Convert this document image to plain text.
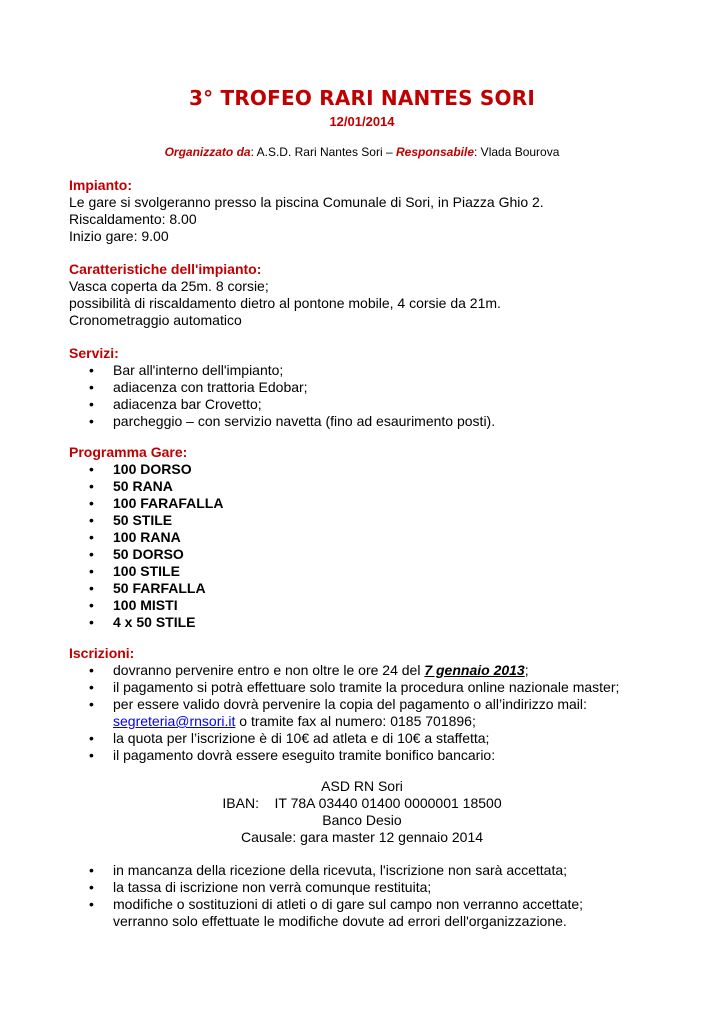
3° TROFEO RARI NANTES SORI
12/01/2014
Organizzato da: A.S.D. Rari Nantes Sori – Responsabile: Vlada Bourova
Impianto:
Le gare si svolgeranno presso la piscina Comunale di Sori, in Piazza Ghio 2.
Riscaldamento: 8.00
Inizio gare: 9.00
Caratteristiche dell'impianto:
Vasca coperta da 25m. 8 corsie;
possibilità di riscaldamento dietro al pontone mobile, 4 corsie da 21m.
Cronometraggio automatico
Servizi:
• Bar all'interno dell'impianto;
• adiacenza con trattoria Edobar;
• adiacenza bar Crovetto;
• parcheggio – con servizio navetta (fino ad esaurimento posti).
Programma Gare:
• 100 DORSO
• 50 RANA
• 100 FARAFALLA
• 50 STILE
• 100 RANA
• 50 DORSO
• 100 STILE
• 50 FARFALLA
• 100 MISTI
• 4 x 50 STILE
Iscrizioni:
• dovranno pervenire entro e non oltre le ore 24 del 7 gennaio 2013;
• il pagamento si potrà effettuare solo tramite la procedura online nazionale master;
• per essere valido dovrà pervenire la copia del pagamento o all’indirizzo mail:
segreteria@rnsori.it o tramite fax al numero: 0185 701896;
• la quota per l’iscrizione è di 10€ ad atleta e di 10€ a staffetta;
• il pagamento dovrà essere eseguito tramite bonifico bancario:
ASD RN Sori
IBAN: IT 78A 03440 01400 0000001 18500
Banco Desio
Causale: gara master 12 gennaio 2014
• in mancanza della ricezione della ricevuta, l'iscrizione non sarà accettata;
• la tassa di iscrizione non verrà comunque restituita;
• modifiche o sostituzioni di atleti o di gare sul campo non verranno accettate;
verranno solo effettuate le modifiche dovute ad errori dell'organizzazione.
